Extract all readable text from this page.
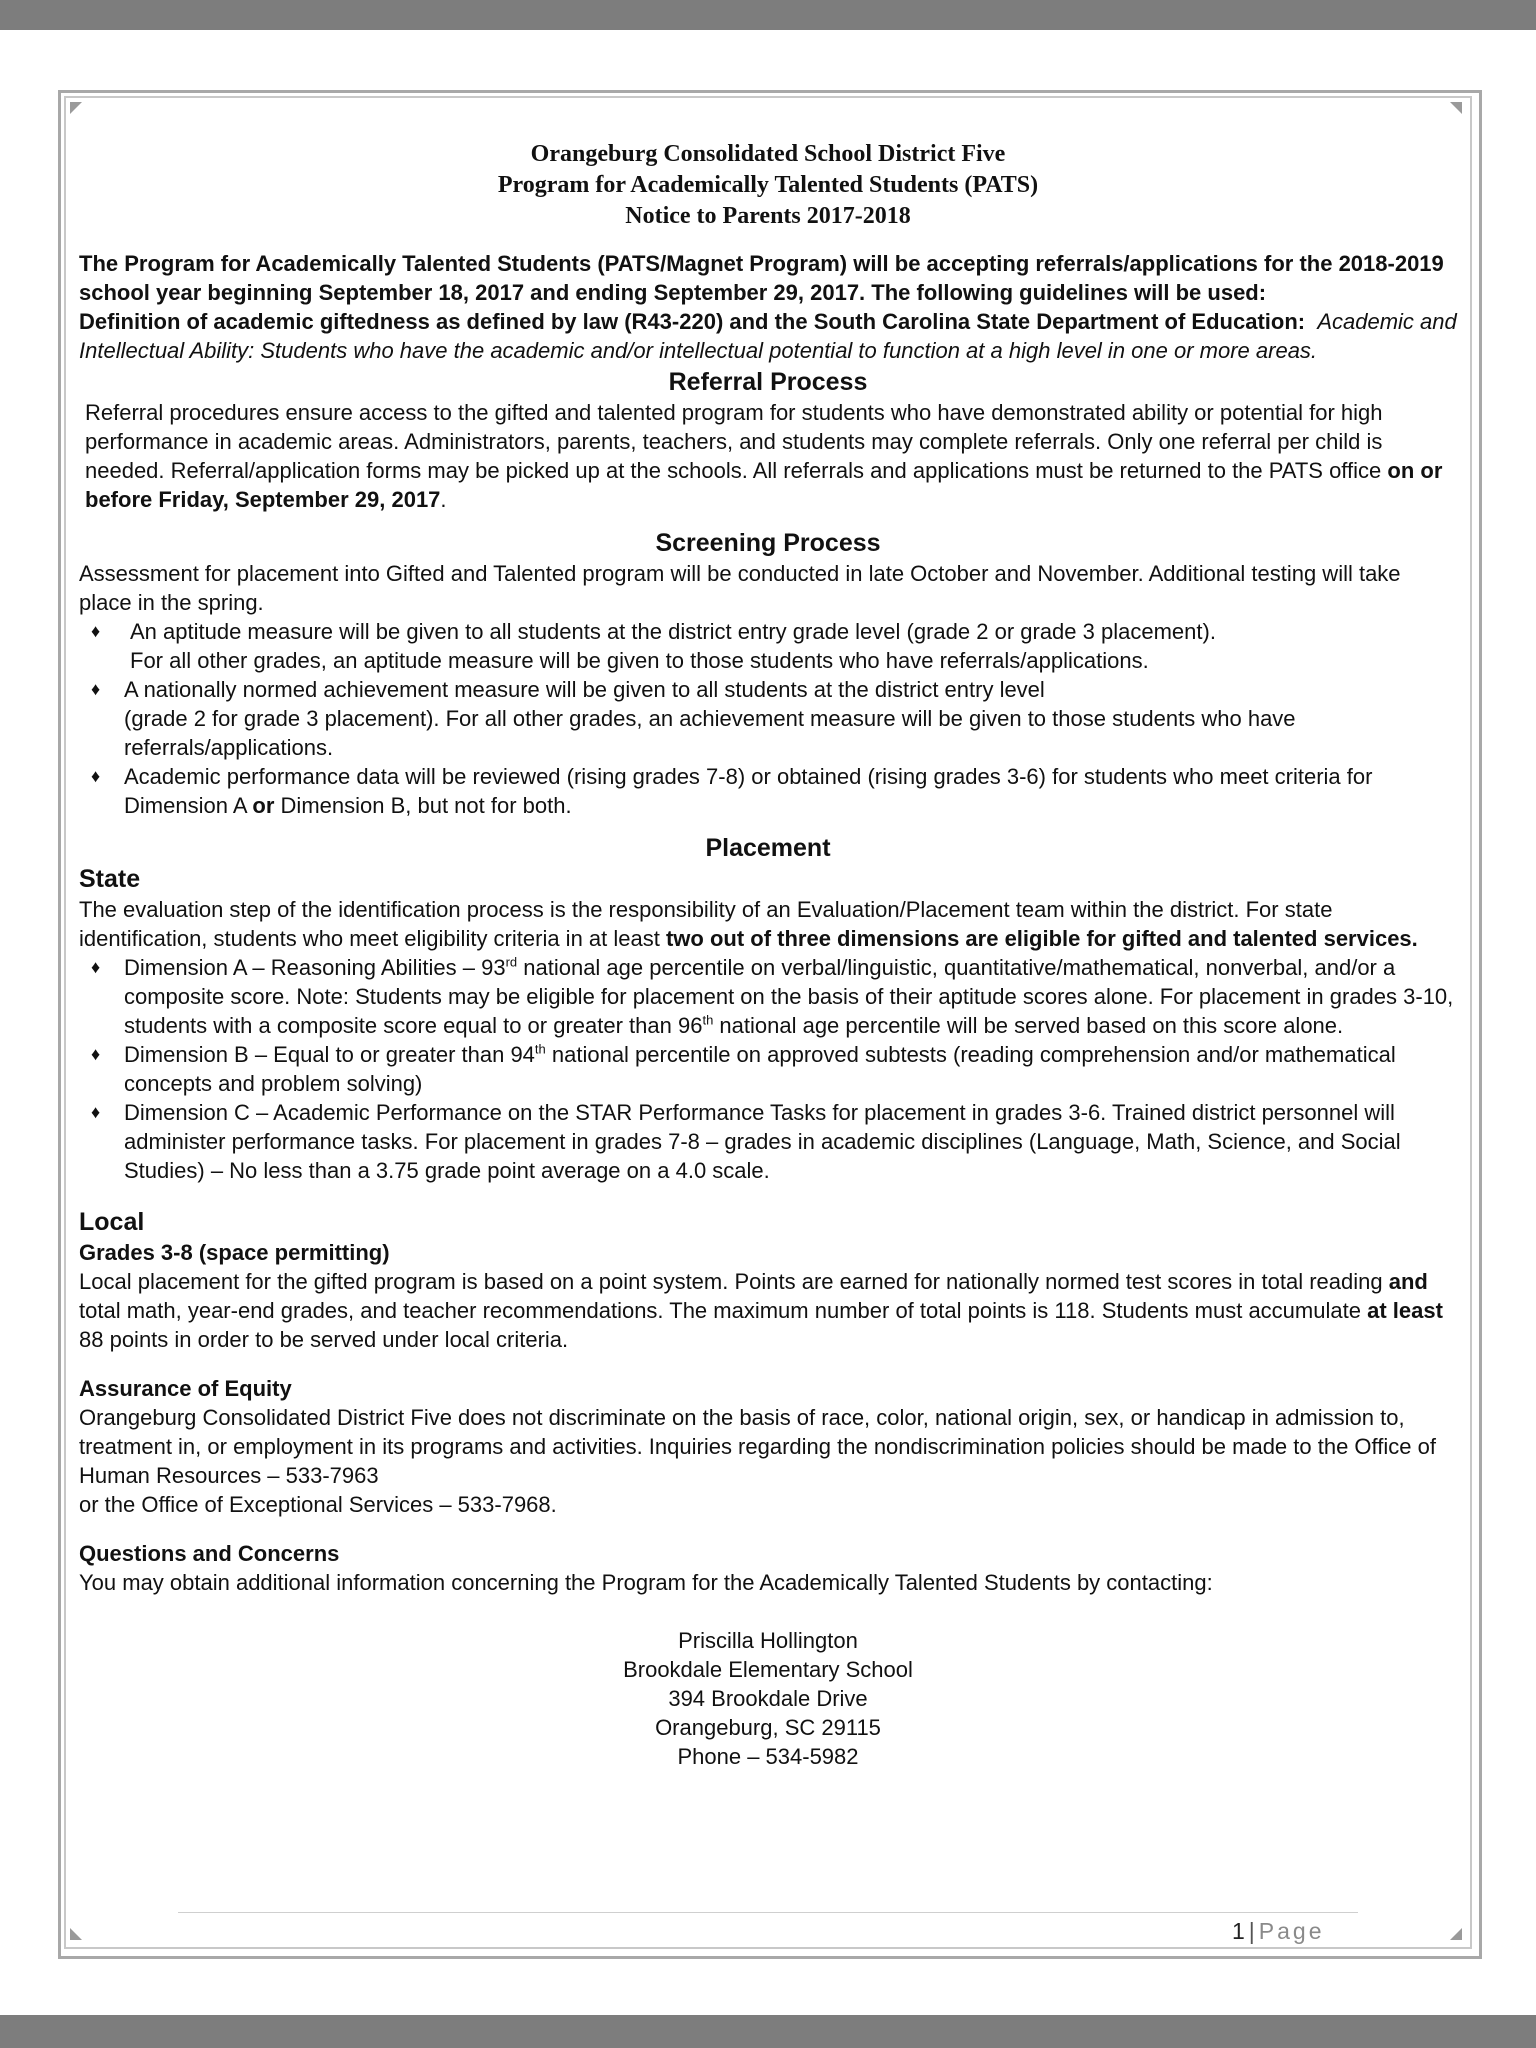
Orangeburg Consolidated School District Five
Program for Academically Talented Students (PATS)
Notice to Parents 2017-2018

The Program for Academically Talented Students (PATS/Magnet Program) will be accepting referrals/applications for the 2018-2019 school year beginning September 18, 2017 and ending September 29, 2017. The following guidelines will be used:

Definition of academic giftedness as defined by law (R43-220) and the South Carolina State Department of Education: Academic and Intellectual Ability: Students who have the academic and/or intellectual potential to function at a high level in one or more areas.

Referral Process

Referral procedures ensure access to the gifted and talented program for students who have demonstrated ability or potential for high performance in academic areas. Administrators, parents, teachers, and students may complete referrals. Only one referral per child is needed. Referral/application forms may be picked up at the schools. All referrals and applications must be returned to the PATS office on or before Friday, September 29, 2017.

Screening Process

Assessment for placement into Gifted and Talented program will be conducted in late October and November. Additional testing will take place in the spring.

♦ An aptitude measure will be given to all students at the district entry grade level (grade 2 or grade 3 placement).
For all other grades, an aptitude measure will be given to those students who have referrals/applications.
♦ A nationally normed achievement measure will be given to all students at the district entry level
(grade 2 for grade 3 placement). For all other grades, an achievement measure will be given to those students who have referrals/applications.
♦ Academic performance data will be reviewed (rising grades 7-8) or obtained (rising grades 3-6) for students who meet criteria for Dimension A or Dimension B, but not for both.
Placement
State

The evaluation step of the identification process is the responsibility of an Evaluation/Placement team within the district. For state identification, students who meet eligibility criteria in at least two out of three dimensions are eligible for gifted and talented services.

♦ Dimension A – Reasoning Abilities – 93rd national age percentile on verbal/linguistic, quantitative/mathematical, nonverbal, and/or a composite score. Note: Students may be eligible for placement on the basis of their aptitude scores alone. For placement in grades 3-10, students with a composite score equal to or greater than 96th national age percentile will be served based on this score alone.
♦ Dimension B – Equal to or greater than 94th national percentile on approved subtests (reading comprehension and/or mathematical concepts and problem solving)
♦ Dimension C – Academic Performance on the STAR Performance Tasks for placement in grades 3-6. Trained district personnel will administer performance tasks. For placement in grades 7-8 – grades in academic disciplines (Language, Math, Science, and Social Studies) – No less than a 3.75 grade point average on a 4.0 scale.
Local
Grades 3-8 (space permitting)

Local placement for the gifted program is based on a point system. Points are earned for nationally normed test scores in total reading and total math, year-end grades, and teacher recommendations. The maximum number of total points is 118. Students must accumulate at least 88 points in order to be served under local criteria.

Assurance of Equity

Orangeburg Consolidated District Five does not discriminate on the basis of race, color, national origin, sex, or handicap in admission to, treatment in, or employment in its programs and activities. Inquiries regarding the nondiscrimination policies should be made to the Office of Human Resources – 533-7963

or the Office of Exceptional Services – 533-7968.

Questions and Concerns

You may obtain additional information concerning the Program for the Academically Talented Students by contacting:

Priscilla Hollington
Brookdale Elementary School
394 Brookdale Drive
Orangeburg, SC 29115
Phone – 534-5982
1 | Page
